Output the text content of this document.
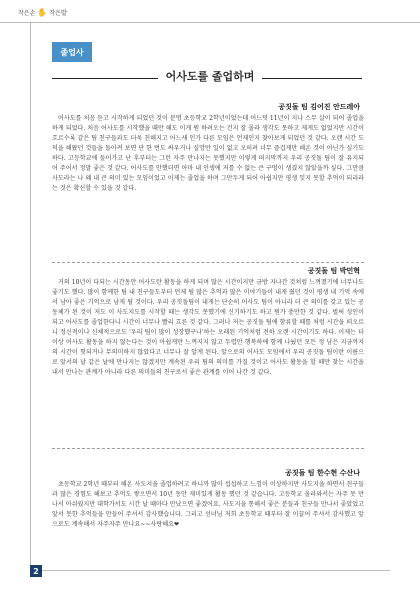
작은손 ✋ 작은발
졸업사
어사도를 졸업하며
공짓돌 팀 김어진 안드레아

어사도를 처음 듣고 시작하게 되었던 것이 분명 초등학교 2학년이었는데 어느덧 11년이 지나 스무 살이 되어 졸업을 하게 되었다. 처음 어사도를 시작했을 때만 해도 이게 뭔 하려오는 건지 잘 몰라 생각도 못하고 제게도 없었지만 시간이 흐르수록 같은 팀 친구들과도 더욱 친해지고 어느새 인가 다른 모임은 언제인지 찾아보게 되었던 것 같다. 오랜 시간 도덕을 해왔던 것들을 돌아켜 보면 단 한 번도 싸우거나 실망만 일이 없고 오히려 너무 즐겁게만 해온 것이 아닌가 싶기도 하다. 고등학교에 들어가고 난 후부터는 그런 자주 만나지는 못했지만 이렇게 떠지막까지 우리 공짓돌 팀이 잘 유지되어 주어서 정말 좋은 것 같다. 어사도를 안했더면 아마 내 인생에 저를 수 없는 큰 구멍이 생겼지 않았을까 싶다. 그만큼 사도라는 나 왜 내 큰 의미 있는 모임이었고 이제는 졸업을 하며 그만두게 되어 아쉽지만 평생 잊지 못할 추억이 되리라는 것은 확신할 수 있을 것 같다.

공짓돌 팀 박민혁

거의 10년이 다되는 시간동안 어사도란 활동을 하게 되며 많은 시간이지만 금방 지나간 것처럼 느껴졌기에 너무나도 좋기도 했다. 많이 함께한 팀 내 친구들도부터 언제 될 많은 추억과 많은 이야기들이 내게 줬던 것이 평생 내 기억 속에서 남아 좋은 기억으로 남게 될 것이다. 우리 공짓돌팀이 내게는 단순히 어사도 팀이 아니라 더 큰 의미를 갖고 있는 공동체가 된 것이 저도 이 사도지도를 시작할 때는 생각도 못했기에 신기하기도 하고 뭔가 충만한 것 같다. 벌써 성인이 되고 어사도를 졸업한다니 시간이 너무나 빨리 흐른 것 같다. 그러나 저는 공짓돌 팀에 함류할 때를 처럼 시간을 떠오르니 정신적이나 신체적으로도 '우리 팀이 많이 성장했구나'하는 오래된 기억처럼 전하 오랜 시간이기도 하다. 이제는 더 이상 어사도 활동을 하지 않는다는 것이 아쉽게만 느껴지지 않고 두렵만 행복하에 함께 나눴던 모든 정 남은 지금까지의 시간이 헛되거나 무의미하지 않았다고 너무나 잘 알게 된다. 앞으로의 어사도 모임에서 우리 공짓돌 팀이란 이름으로 앞서의 날 같은 날에 만나지는 않겠지만 계속된 우리 팀의 의미를 가질 것이고 어사도 활동을 할 때만 찾는 시간을 내서 만나는 관계가 아니라 다른 의미들의 친구로서 좋은 관계를 이어 나간 것 같다.

공짓돌 팀 한수현 수산나

초등학교 2학년 때부터 해온 사도지을 졸업하려고 하니까 많이 섭섭하고 느낌이 이상하지만 사도지을 하면서 친구들과 많은 경험도 해보고 추억도 쌓으면서 10년 동안 재미있게 활동 했던 것 같습니다. 고등학교 올라와서는 자주 못 만나서 아쉬웠지만 대학가서도 시간 날 때마다 만났으면 좋겠어요. 사도지을 통해서 좋은 분들과 친구들 만나서 좋았었고 앞서 못한 추억들을 만들어 주셔서 감사했습니다. 그리고 선녀님 저희 초등학교 때부터 잘 이끌어 주셔서 감사했고 앞으로도 계속해서 자주자주 만나요~~사랑해요❤

2
